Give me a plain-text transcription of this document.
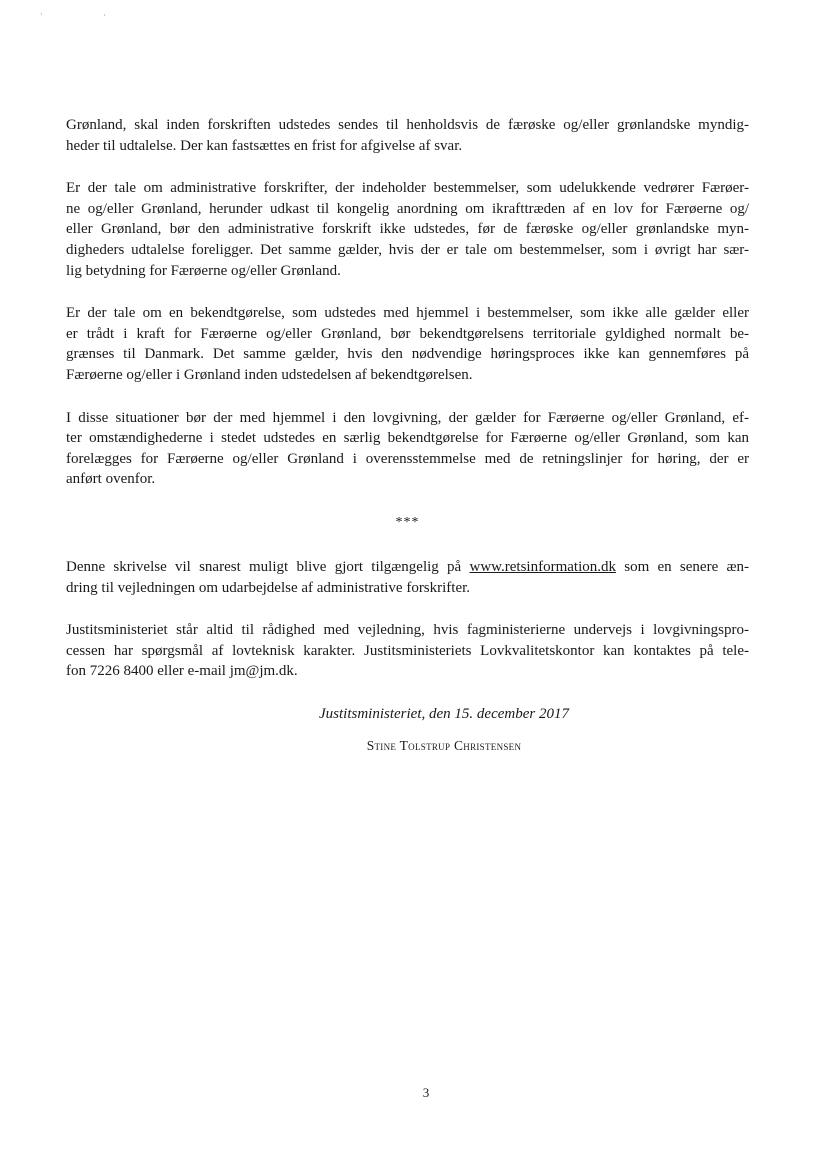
·	·
Grønland, skal inden forskriften udstedes sendes til henholdsvis de færøske og/eller grønlandske myndig-
heder til udtalelse. Der kan fastsættes en frist for afgivelse af svar.
Er der tale om administrative forskrifter, der indeholder bestemmelser, som udelukkende vedrører Færøer-
ne og/eller Grønland, herunder udkast til kongelig anordning om ikrafttræden af en lov for Færøerne og/
eller Grønland, bør den administrative forskrift ikke udstedes, før de færøske og/eller grønlandske myn-
digheders udtalelse foreligger. Det samme gælder, hvis der er tale om bestemmelser, som i øvrigt har sær-
lig betydning for Færøerne og/eller Grønland.
Er der tale om en bekendtgørelse, som udstedes med hjemmel i bestemmelser, som ikke alle gælder eller
er trådt i kraft for Færøerne og/eller Grønland, bør bekendtgørelsens territoriale gyldighed normalt be-
grænses til Danmark. Det samme gælder, hvis den nødvendige høringsproces ikke kan gennemføres på
Færøerne og/eller i Grønland inden udstedelsen af bekendtgørelsen.
I disse situationer bør der med hjemmel i den lovgivning, der gælder for Færøerne og/eller Grønland, ef-
ter omstændighederne i stedet udstedes en særlig bekendtgørelse for Færøerne og/eller Grønland, som kan
forelægges for Færøerne og/eller Grønland i overensstemmelse med de retningslinjer for høring, der er
anført ovenfor.
***
Denne skrivelse vil snarest muligt blive gjort tilgængelig på www.retsinformation.dk som en senere æn-
dring til vejledningen om udarbejdelse af administrative forskrifter.
Justitsministeriet står altid til rådighed med vejledning, hvis fagministerierne undervejs i lovgivningspro-
cessen har spørgsmål af lovteknisk karakter. Justitsministeriets Lovkvalitetskontor kan kontaktes på tele-
fon 7226 8400 eller e-mail jm@jm.dk.
Justitsministeriet, den 15. december 2017
Stine Tolstrup Christensen
3
